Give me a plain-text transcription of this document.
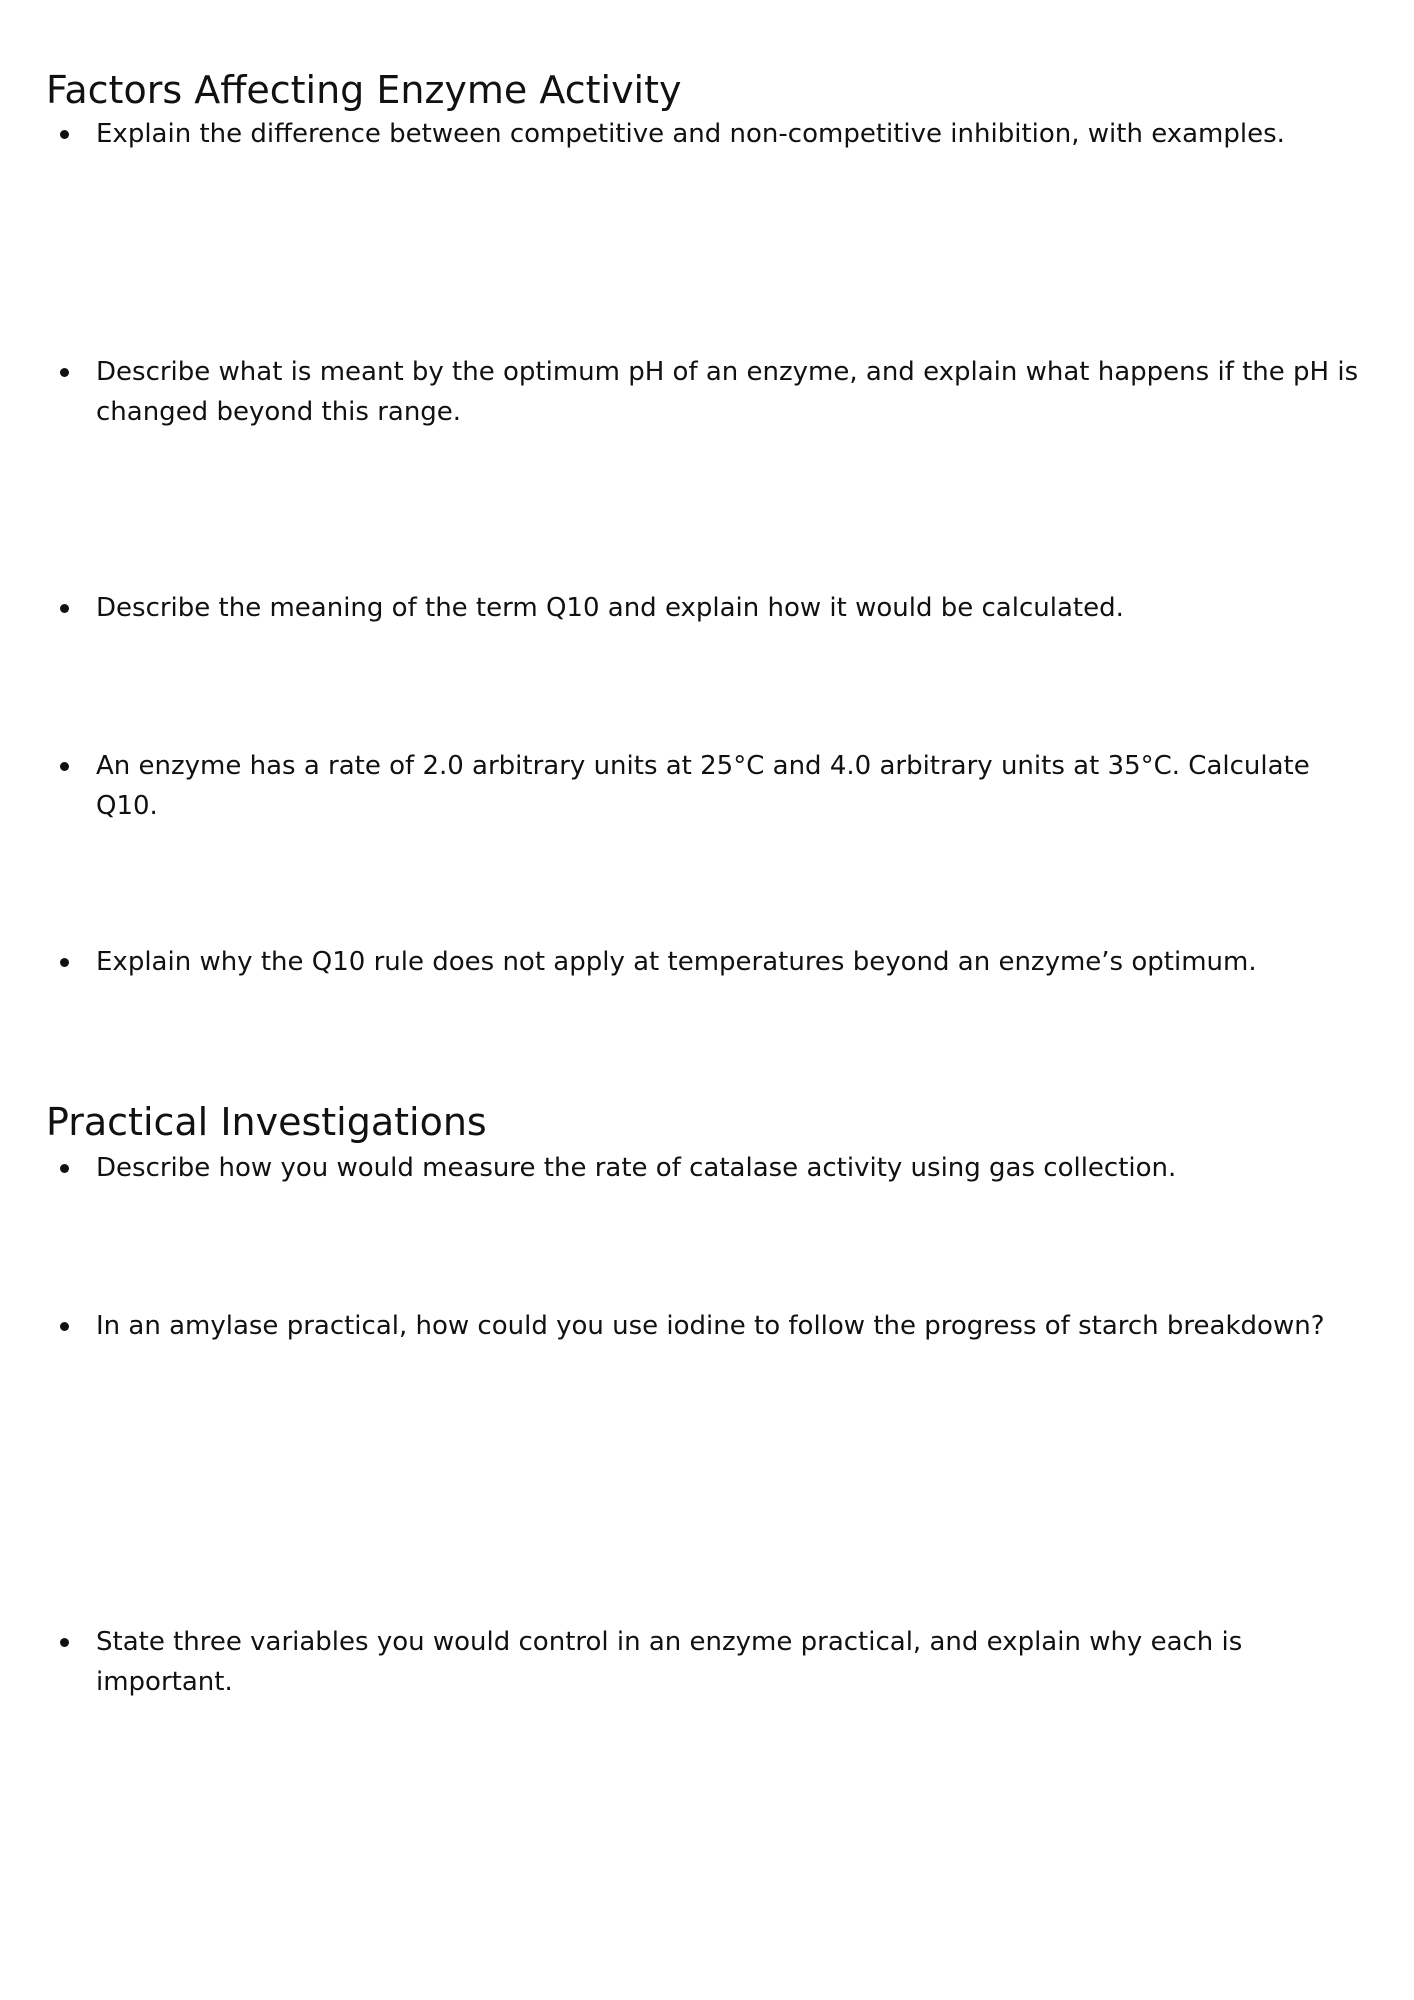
Factors Affecting Enzyme Activity
Explain the difference between competitive and non-competitive inhibition, with examples.
Describe what is meant by the optimum pH of an enzyme, and explain what happens if the pH is changed beyond this range.
Describe the meaning of the term Q10 and explain how it would be calculated.
An enzyme has a rate of 2.0 arbitrary units at 25°C and 4.0 arbitrary units at 35°C. Calculate Q10.
Explain why the Q10 rule does not apply at temperatures beyond an enzyme’s optimum.
Practical Investigations
Describe how you would measure the rate of catalase activity using gas collection.
In an amylase practical, how could you use iodine to follow the progress of starch breakdown?
State three variables you would control in an enzyme practical, and explain why each is important.
